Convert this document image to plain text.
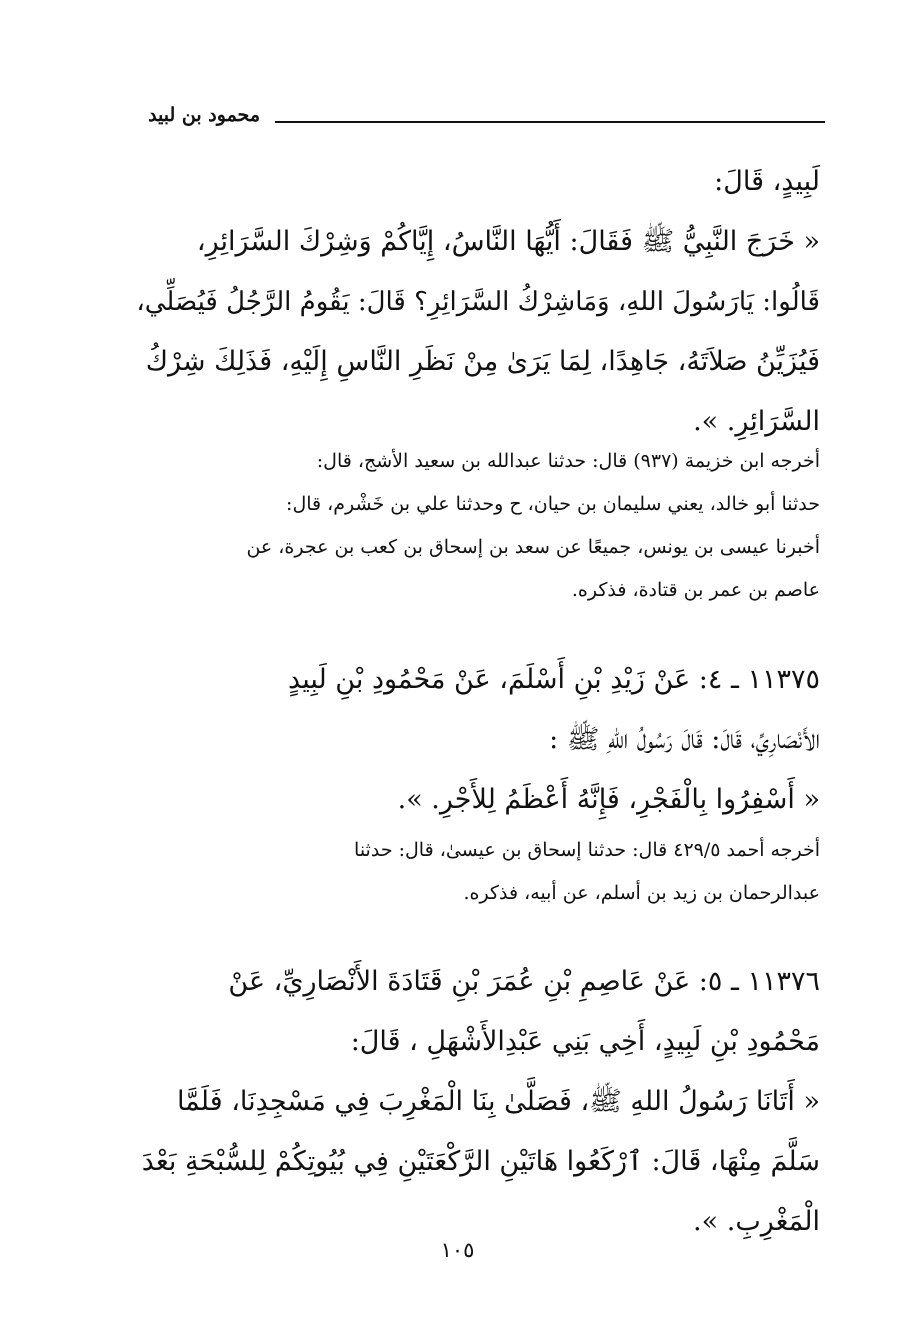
محمود بن لبيد
لَبِيدٍ، قَالَ:
« خَرَجَ النَّبِيُّ ﷺ فَقَالَ: أَيُّهَا النَّاسُ، إِيَّاكُمْ وَشِرْكَ السَّرَائِرِ،
قَالُوا: يَارَسُولَ اللهِ، وَمَاشِرْكُ السَّرَائِرِ؟ قَالَ: يَقُومُ الرَّجُلُ فَيُصَلِّي،
فَيُزَيِّنُ صَلاَتَهُ، جَاهِدًا، لِمَا يَرَىٰ مِنْ نَظَرِ النَّاسِ إِلَيْهِ، فَذَلِكَ شِرْكُ
السَّرَائِرِ. ».
أخرجه ابن خزيمة (٩٣٧) قال: حدثنا عبدالله بن سعيد الأشج، قال:
حدثنا أبو خالد، يعني سليمان بن حيان، ح وحدثنا علي بن خَشْرم، قال:
أخبرنا عيسى بن يونس، جميعًا عن سعد بن إسحاق بن كعب بن عجرة، عن
عاصم بن عمر بن قتادة، فذكره.
١١٣٧٥ ـ ٤: عَنْ زَيْدِ بْنِ أَسْلَمَ، عَنْ مَحْمُودِ بْنِ لَبِيدٍ
الأَنْصَارِيِّ، قَالَ: قَالَ رَسُولُ اللهِ ﷺ :
« أَسْفِرُوا بِالْفَجْرِ، فَإِنَّهُ أَعْظَمُ لِلأَجْرِ. ».
أخرجه أحمد ٤٢٩/٥ قال: حدثنا إسحاق بن عيسىٰ، قال: حدثنا
عبدالرحمان بن زيد بن أسلم، عن أبيه، فذكره.
١١٣٧٦ ـ ٥: عَنْ عَاصِمِ بْنِ عُمَرَ بْنِ قَتَادَةَ الأَنْصَارِيِّ، عَنْ
مَحْمُودِ بْنِ لَبِيدٍ، أَخِي بَنِي عَبْدِالأَشْهَلِ ، قَالَ:
« أَتَانَا رَسُولُ اللهِ ﷺ، فَصَلَّىٰ بِنَا الْمَغْرِبَ فِي مَسْجِدِنَا، فَلَمَّا
سَلَّمَ مِنْهَا، قَالَ: ٱرْكَعُوا هَاتَيْنِ الرَّكْعَتَيْنِ فِي بُيُوتِكُمْ لِلسُّبْحَةِ بَعْدَ
الْمَغْرِبِ. ».
١٠٥
